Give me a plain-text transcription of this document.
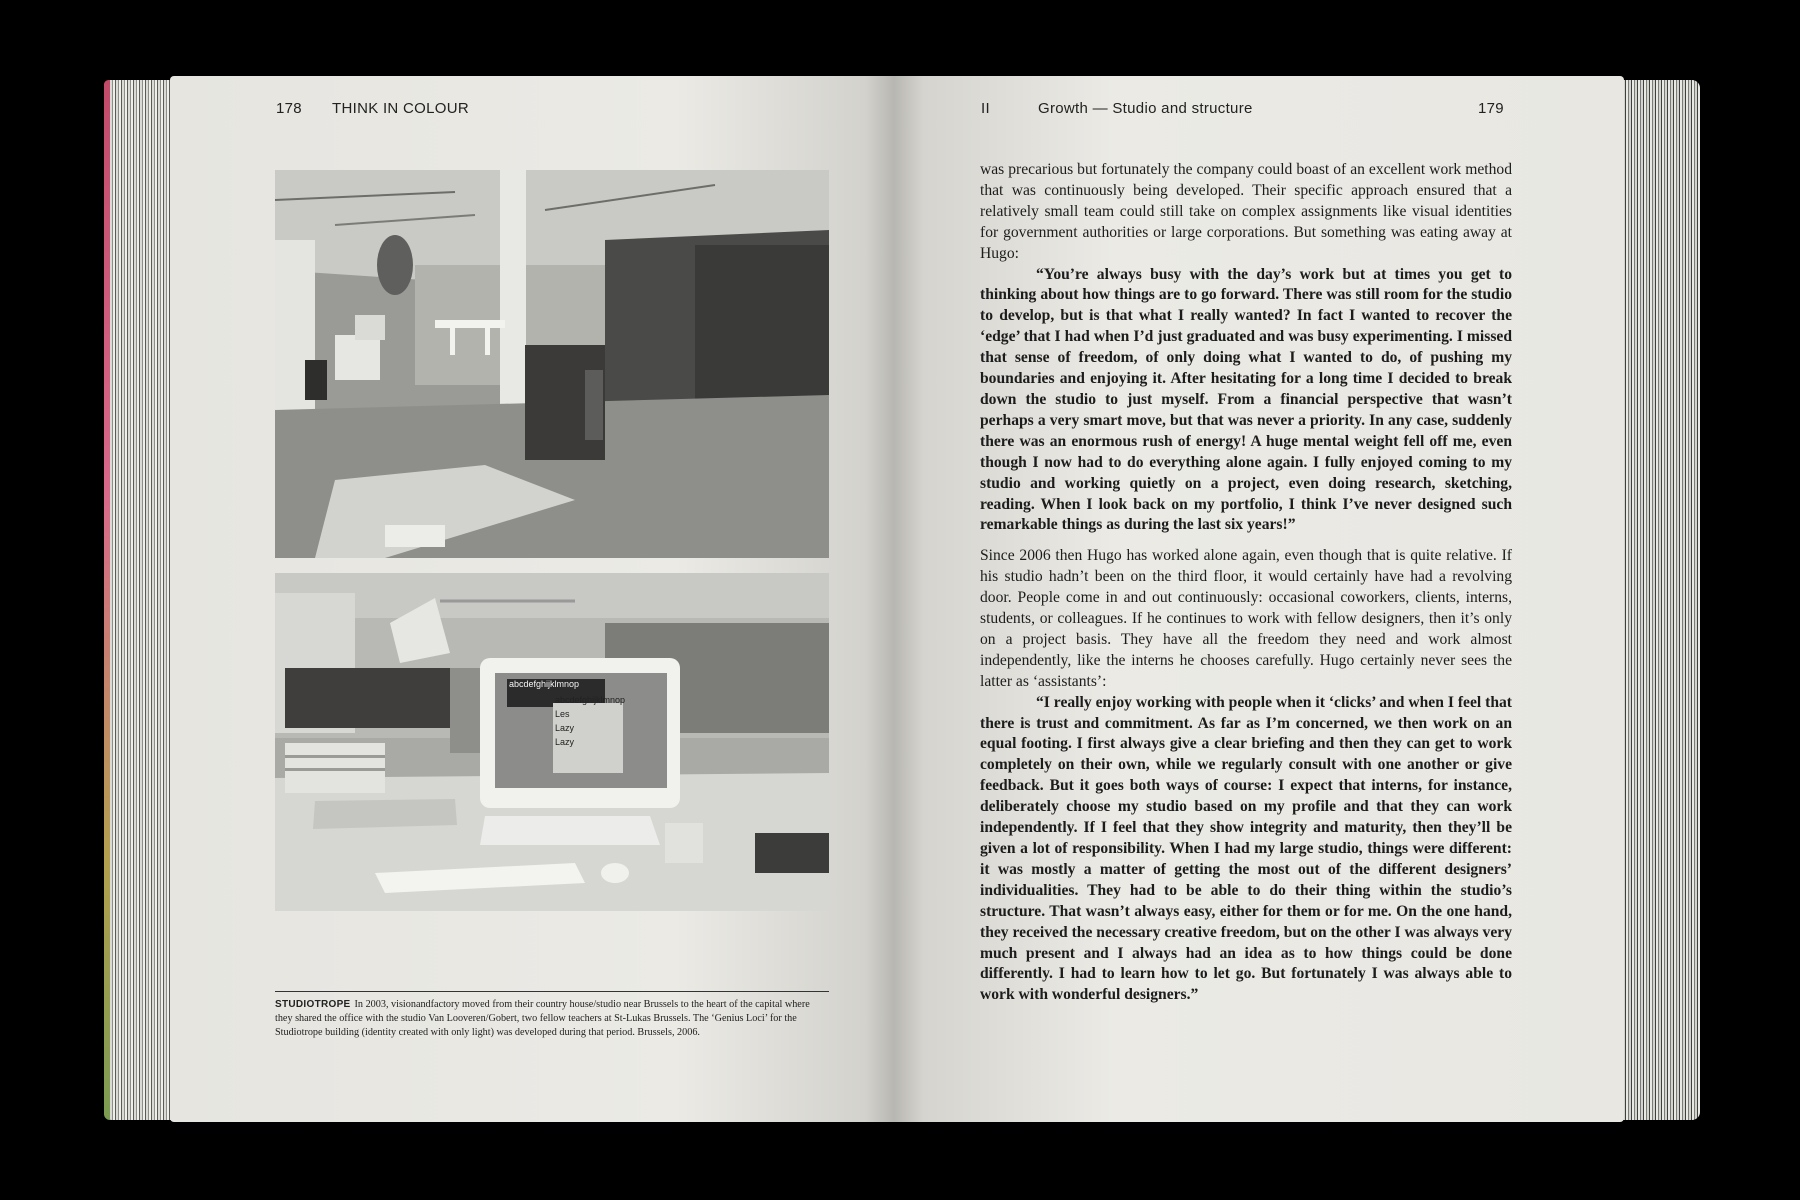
178 THINK IN COLOUR
abcdefghijklmnop
abcdefghijklmnop
Les
Lazy
Lazy
STUDIOTROPE In 2003, visionandfactory moved from their country house/studio near Brussels to the heart of the capital where they shared the office with the studio Van Looveren/Gobert, two fellow teachers at St-Lukas Brussels. The ‘Genius Loci’ for the Studiotrope building (identity created with only light) was developed during that period. Brussels, 2006.
II	Growth — Studio and structure	179

was precarious but fortunately the company could boast of an excellent work method that was continuously being developed. Their specific approach ensured that a relatively small team could still take on complex assignments like visual identities for government authorities or large corporations. But something was eating away at Hugo:

“You’re always busy with the day’s work but at times you get to thinking about how things are to go forward. There was still room for the studio to develop, but is that what I really wanted? In fact I wanted to recover the ‘edge’ that I had when I’d just graduated and was busy experimenting. I missed that sense of freedom, of only doing what I wanted to do, of pushing my boundaries and enjoying it. After hesitating for a long time I decided to break down the studio to just myself. From a financial perspective that wasn’t perhaps a very smart move, but that was never a priority. In any case, suddenly there was an enormous rush of energy! A huge mental weight fell off me, even though I now had to do everything alone again. I fully enjoyed coming to my studio and working quietly on a project, even doing research, sketching, reading. When I look back on my portfolio, I think I’ve never designed such remarkable things as during the last six years!”

Since 2006 then Hugo has worked alone again, even though that is quite relative. If his studio hadn’t been on the third floor, it would certainly have had a revolving door. People come in and out continuously: occasional coworkers, clients, interns, students, or colleagues. If he continues to work with fellow designers, then it’s only on a project basis. They have all the freedom they need and work almost independently, like the interns he chooses carefully. Hugo certainly never sees the latter as ‘assistants’:

“I really enjoy working with people when it ‘clicks’ and when I feel that there is trust and commitment. As far as I’m concerned, we then work on an equal footing. I first always give a clear briefing and then they can get to work completely on their own, while we regularly consult with one another or give feedback. But it goes both ways of course: I expect that interns, for instance, deliberately choose my studio based on my profile and that they can work independently. If I feel that they show integrity and maturity, then they’ll be given a lot of responsibility. When I had my large studio, things were different: it was mostly a matter of getting the most out of the different designers’ individualities. They had to be able to do their thing within the studio’s structure. That wasn’t always easy, either for them or for me. On the one hand, they received the necessary creative freedom, but on the other I was always very much present and I always had an idea as to how things could be done differently. I had to learn how to let go. But fortunately I was always able to work with wonderful designers.”
